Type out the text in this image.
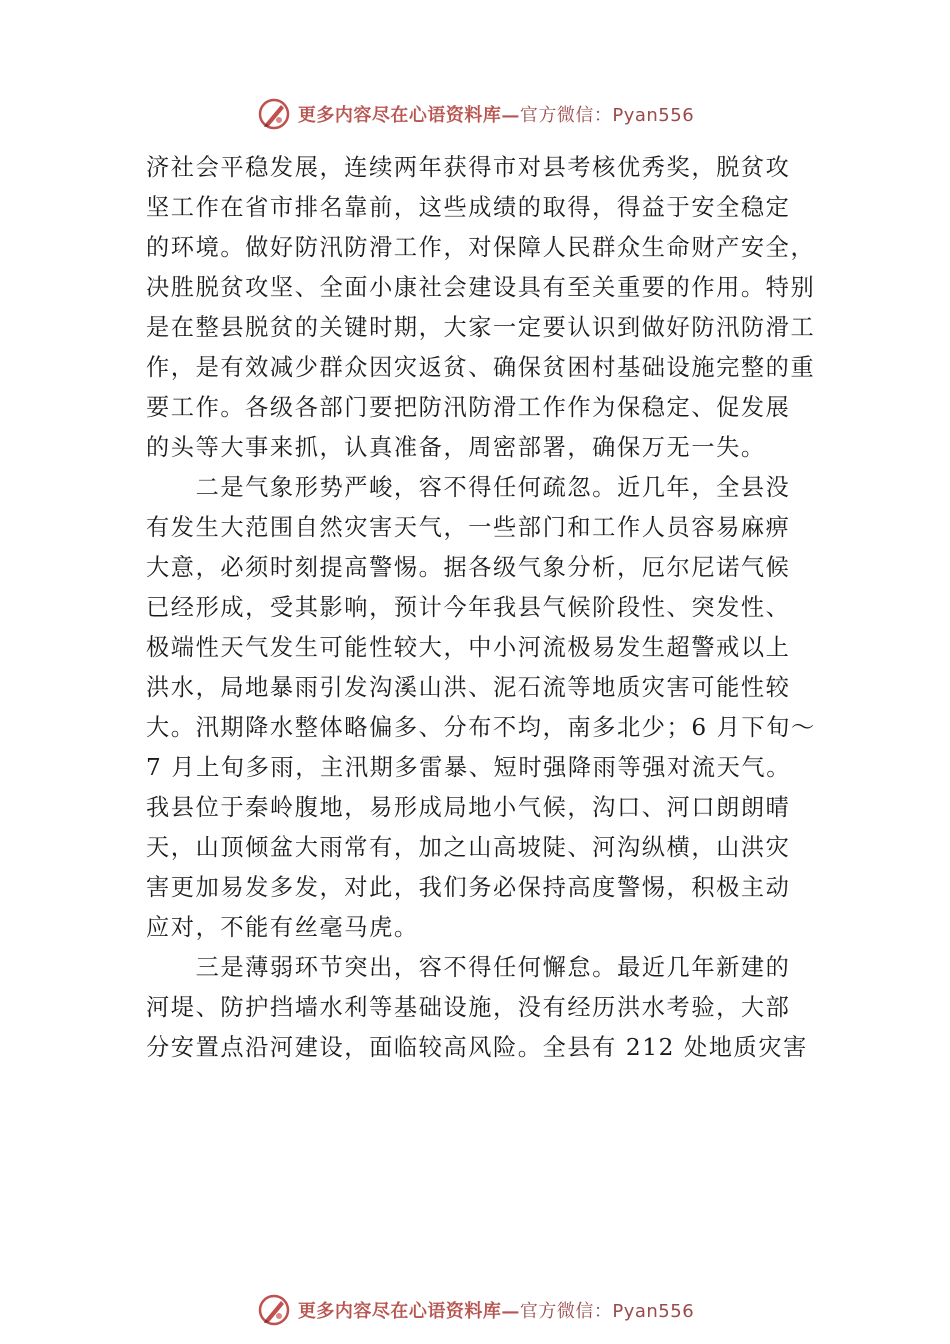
更多内容尽在心语资料库—官方微信：Pyan556
济社会平稳发展，连续两年获得市对县考核优秀奖，脱贫攻
坚工作在省市排名靠前，这些成绩的取得，得益于安全稳定
的环境。做好防汛防滑工作，对保障人民群众生命财产安全，
决胜脱贫攻坚、全面小康社会建设具有至关重要的作用。特别
是在整县脱贫的关键时期，大家一定要认识到做好防汛防滑工
作，是有效减少群众因灾返贫、确保贫困村基础设施完整的重
要工作。各级各部门要把防汛防滑工作作为保稳定、促发展
的头等大事来抓，认真准备，周密部署，确保万无一失。
　　二是气象形势严峻，容不得任何疏忽。近几年，全县没
有发生大范围自然灾害天气，一些部门和工作人员容易麻痹
大意，必须时刻提高警惕。据各级气象分析，厄尔尼诺气候
已经形成，受其影响，预计今年我县气候阶段性、突发性、
极端性天气发生可能性较大，中小河流极易发生超警戒以上
洪水，局地暴雨引发沟溪山洪、泥石流等地质灾害可能性较
大。汛期降水整体略偏多、分布不均，南多北少；6 月下旬～
7 月上旬多雨，主汛期多雷暴、短时强降雨等强对流天气。
我县位于秦岭腹地，易形成局地小气候，沟口、河口朗朗晴
天，山顶倾盆大雨常有，加之山高坡陡、河沟纵横，山洪灾
害更加易发多发，对此，我们务必保持高度警惕，积极主动
应对，不能有丝毫马虎。
　　三是薄弱环节突出，容不得任何懈怠。最近几年新建的
河堤、防护挡墙水利等基础设施，没有经历洪水考验，大部
分安置点沿河建设，面临较高风险。全县有 212 处地质灾害
更多内容尽在心语资料库—官方微信：Pyan556
